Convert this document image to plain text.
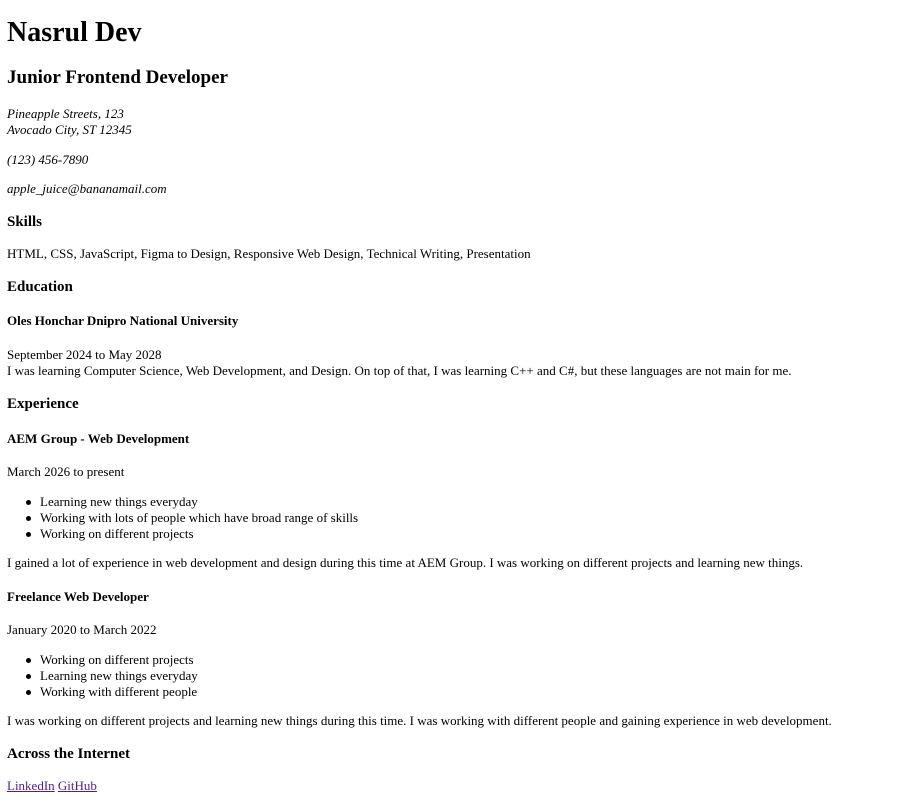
Nasrul Dev
Junior Frontend Developer
Pineapple Streets, 123
Avocado City, ST 12345

(123) 456-7890

apple_juice@bananamail.com

Skills

HTML, CSS, JavaScript, Figma to Design, Responsive Web Design, Technical Writing, Presentation

Education
Oles Honchar Dnipro National University

September 2024 to May 2028

I was learning Computer Science, Web Development, and Design. On top of that, I was learning C++ and C#, but these languages are not main for me.

Experience
AEM Group - Web Development

March 2026 to present

Learning new things everyday
Working with lots of people which have broad range of skills
Working on different projects

I gained a lot of experience in web development and design during this time at AEM Group. I was working on different projects and learning new things.

Freelance Web Developer

January 2020 to March 2022

Working on different projects
Learning new things everyday
Working with different people

I was working on different projects and learning new things during this time. I was working with different people and gaining experience in web development.

Across the Internet

LinkedIn GitHub
